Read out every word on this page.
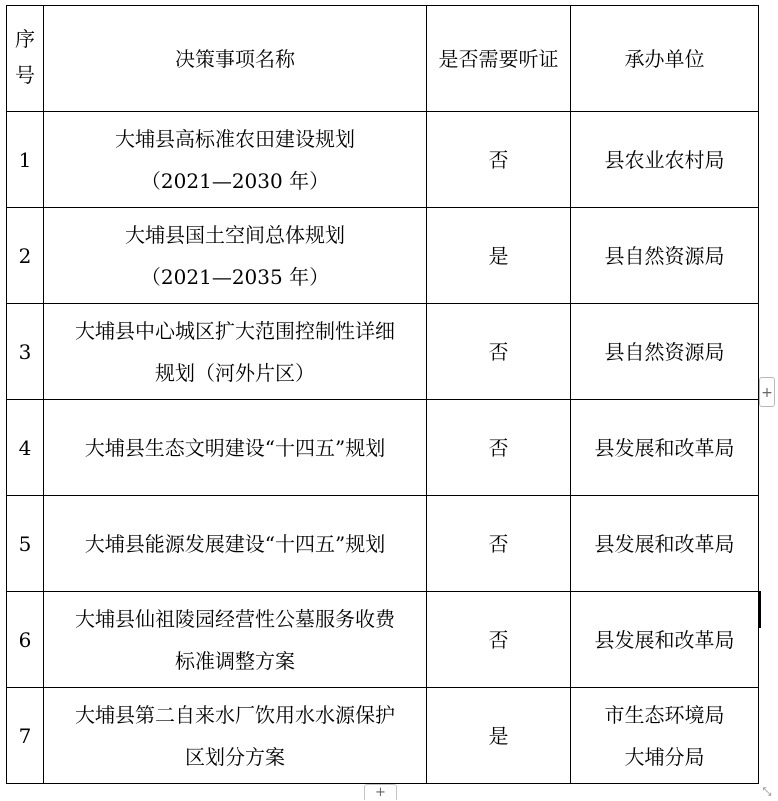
序号	决策事项名称	是否需要听证	承办单位
1	大埔县高标准农田建设规划
（2021—2030 年）	否	县农业农村局

2	大埔县国土空间总体规划
（2021—2035 年）	是	县自然资源局

3	大埔县中心城区扩大范围控制性详细
规划（河外片区）	否	县自然资源局

4	大埔县生态文明建设“十四五”规划	否	县发展和改革局

5	大埔县能源发展建设“十四五”规划	否	县发展和改革局

6	大埔县仙祖陵园经营性公墓服务收费
标准调整方案	否	县发展和改革局

7	大埔县第二自来水厂饮用水水源保护
区划分方案	是	市生态环境局
大埔分局
+
+	⤡
